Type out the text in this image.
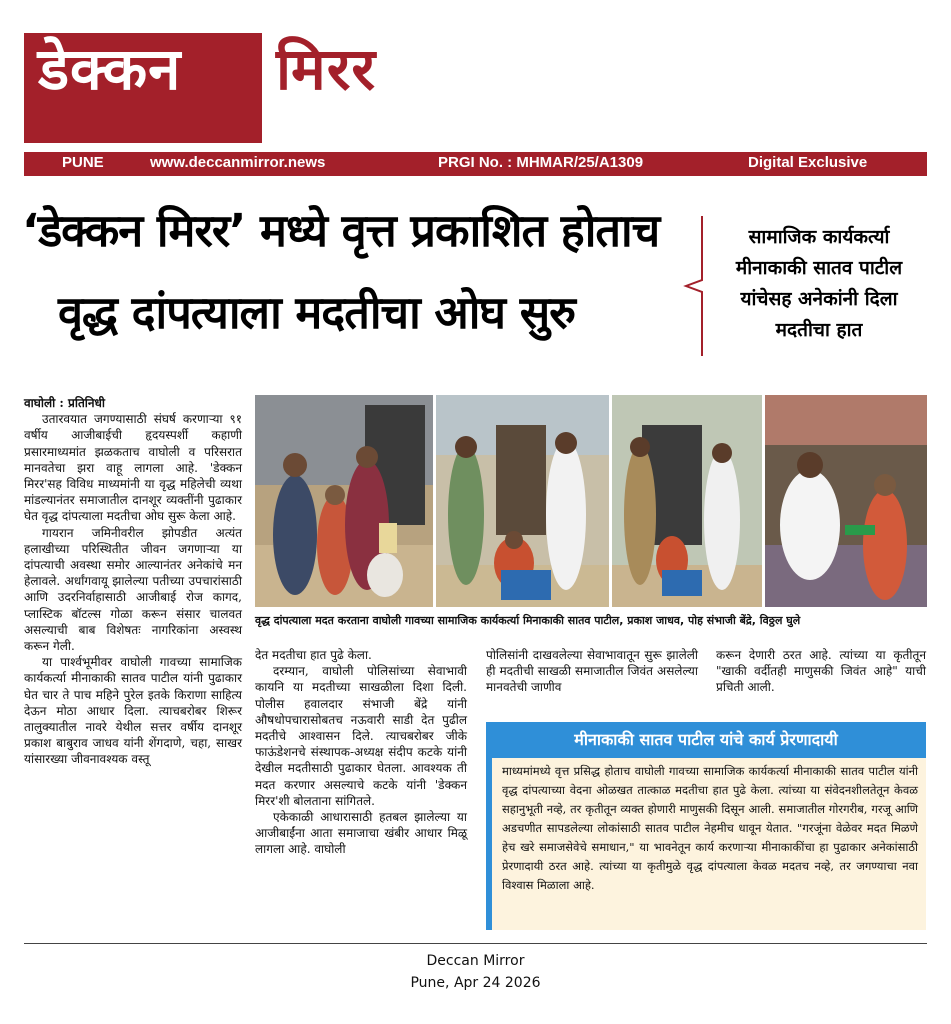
डेक्कन मिरर
PUNE	www.deccanmirror.news	PRGI No. : MHMAR/25/A1309	Digital Exclusive
‘डेक्कन मिरर’ मध्ये वृत्त प्रकाशित होताच
वृद्ध दांपत्याला मदतीचा ओघ सुरु
सामाजिक कार्यकर्त्या
मीनाकाकी सातव पाटील
यांचेसह अनेकांनी दिला
मदतीचा हात

वाघोली : प्रतिनिधी

उतारवयात जगण्यासाठी संघर्ष करणाऱ्या ९१ वर्षीय आजीबाईची हृदयस्पर्शी कहाणी प्रसारमाध्यमांत झळकताच वाघोली व परिसरात मानवतेचा झरा वाहू लागला आहे. 'डेक्कन मिरर'सह विविध माध्यमांनी या वृद्ध महिलेची व्यथा मांडल्यानंतर समाजातील दानशूर व्यक्तींनी पुढाकार घेत वृद्ध दांपत्याला मदतीचा ओघ सुरू केला आहे.

गायरान जमिनीवरील झोपडीत अत्यंत हलाखीच्या परिस्थितीत जीवन जगणाऱ्या या दांपत्याची अवस्था समोर आल्यानंतर अनेकांचे मन हेलावले. अर्धांगवायू झालेल्या पतीच्या उपचारांसाठी आणि उदरनिर्वाहासाठी आजीबाई रोज कागद, प्लास्टिक बॉटल्स गोळा करून संसार चालवत असल्याची बाब विशेषतः नागरिकांना अस्वस्थ करून गेली.

या पार्श्वभूमीवर वाघोली गावच्या सामाजिक कार्यकर्त्या मीनाकाकी सातव पाटील यांनी पुढाकार घेत चार ते पाच महिने पुरेल इतके किराणा साहित्य देऊन मोठा आधार दिला. त्याचबरोबर शिरूर तालुक्यातील नावरे येथील सत्तर वर्षीय दानशूर प्रकाश बाबुराव जाधव यांनी शेंगदाणे, चहा, साखर यांसारख्या जीवनावश्यक वस्तू

वृद्ध दांपत्याला मदत करताना वाघोली गावच्या सामाजिक कार्यकर्त्या मिनाकाकी सातव पाटील, प्रकाश जाधव, पोह संभाजी बेंद्रे, विठ्ठल घुले

देत मदतीचा हात पुढे केला.

दरम्यान, वाघोली पोलिसांच्या सेवाभावी कायनि या मदतीच्या साखळीला दिशा दिली. पोलीस हवालदार संभाजी बेंद्रे यांनी औषधोपचारासोबतच नऊवारी साडी देत पुढील मदतीचे आश्वासन दिले. त्याचबरोबर जीके फाऊंडेशनचे संस्थापक-अध्यक्ष संदीप कटके यांनी देखील मदतीसाठी पुढाकार घेतला. आवश्यक ती मदत करणार असल्याचे कटके यांनी 'डेक्कन मिरर'शी बोलताना सांगितले.

एकेकाळी आधारासाठी हतबल झालेल्या या आजीबाईंना आता समाजाचा खंबीर आधार मिळू लागला आहे. वाघोली

पोलिसांनी दाखवलेल्या सेवाभावातून सुरू झालेली ही मदतीची साखळी समाजातील जिवंत असलेल्या मानवतेची जाणीव

करून देणारी ठरत आहे. त्यांच्या या कृतीतून "खाकी वर्दीतही माणुसकी जिवंत आहे" याची प्रचिती आली.

मीनाकाकी सातव पाटील यांचे कार्य प्रेरणादायी
माध्यमांमध्ये वृत्त प्रसिद्ध होताच वाघोली गावच्या सामाजिक कार्यकर्त्या मीनाकाकी सातव पाटील यांनी वृद्ध दांपत्याच्या वेदना ओळखत तात्काळ मदतीचा हात पुढे केला. त्यांच्या या संवेदनशीलतेतून केवळ सहानुभूती नव्हे, तर कृतीतून व्यक्त होणारी माणुसकी दिसून आली. समाजातील गोरगरीब, गरजू आणि अडचणीत सापडलेल्या लोकांसाठी सातव पाटील नेहमीच धावून येतात. "गरजूंना वेळेवर मदत मिळणे हेच खरे समाजसेवेचे समाधान," या भावनेतून कार्य करणाऱ्या मीनाकाकींचा हा पुढाकार अनेकांसाठी प्रेरणादायी ठरत आहे. त्यांच्या या कृतीमुळे वृद्ध दांपत्याला केवळ मदतच नव्हे, तर जगण्याचा नवा विश्वास मिळाला आहे.
Deccan Mirror
Pune, Apr 24 2026
